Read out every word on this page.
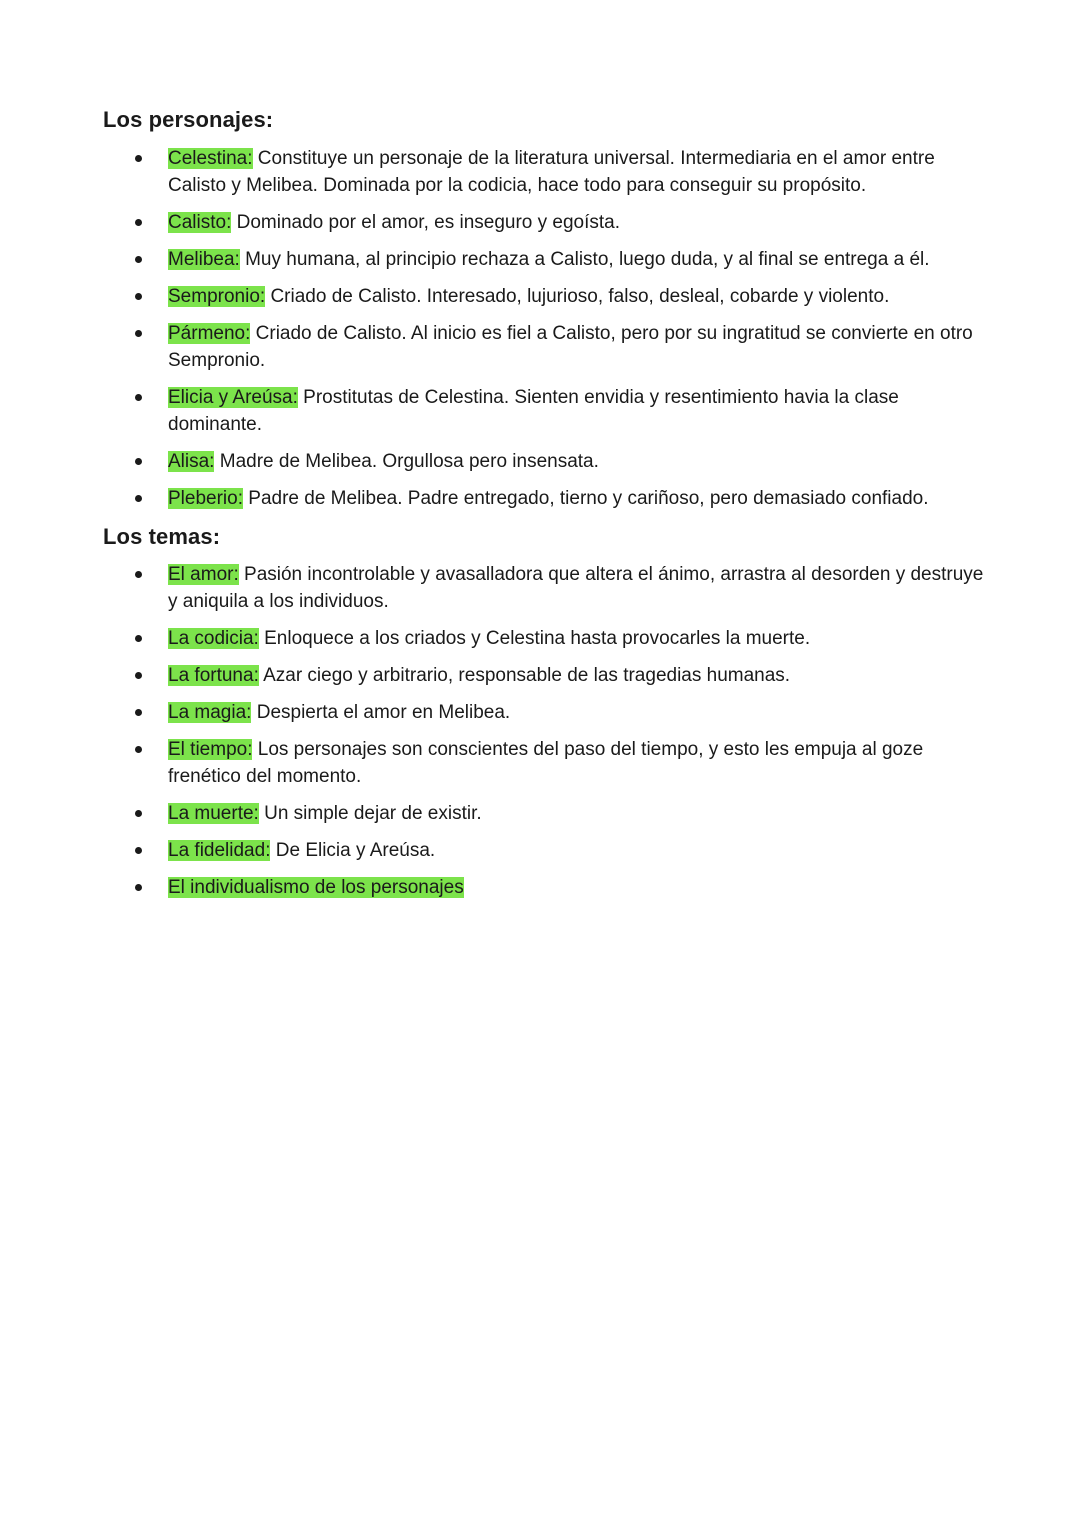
Los personajes:
Celestina: Constituye un personaje de la literatura universal. Intermediaria en el amor entre Calisto y Melibea. Dominada por la codicia, hace todo para conseguir su propósito.
Calisto: Dominado por el amor, es inseguro y egoísta.
Melibea: Muy humana, al principio rechaza a Calisto, luego duda, y al final se entrega a él.
Sempronio: Criado de Calisto. Interesado, lujurioso, falso, desleal, cobarde y violento.
Pármeno: Criado de Calisto. Al inicio es fiel a Calisto, pero por su ingratitud se convierte en otro Sempronio.
Elicia y Areúsa: Prostitutas de Celestina. Sienten envidia y resentimiento havia la clase dominante.
Alisa: Madre de Melibea. Orgullosa pero insensata.
Pleberio: Padre de Melibea. Padre entregado, tierno y cariñoso, pero demasiado confiado.
Los temas:
El amor: Pasión incontrolable y avasalladora que altera el ánimo, arrastra al desorden y destruye y aniquila a los individuos.
La codicia: Enloquece a los criados y Celestina hasta provocarles la muerte.
La fortuna: Azar ciego y arbitrario, responsable de las tragedias humanas.
La magia: Despierta el amor en Melibea.
El tiempo: Los personajes son conscientes del paso del tiempo, y esto les empuja al goze frenético del momento.
La muerte: Un simple dejar de existir.
La fidelidad: De Elicia y Areúsa.
El individualismo de los personajes
